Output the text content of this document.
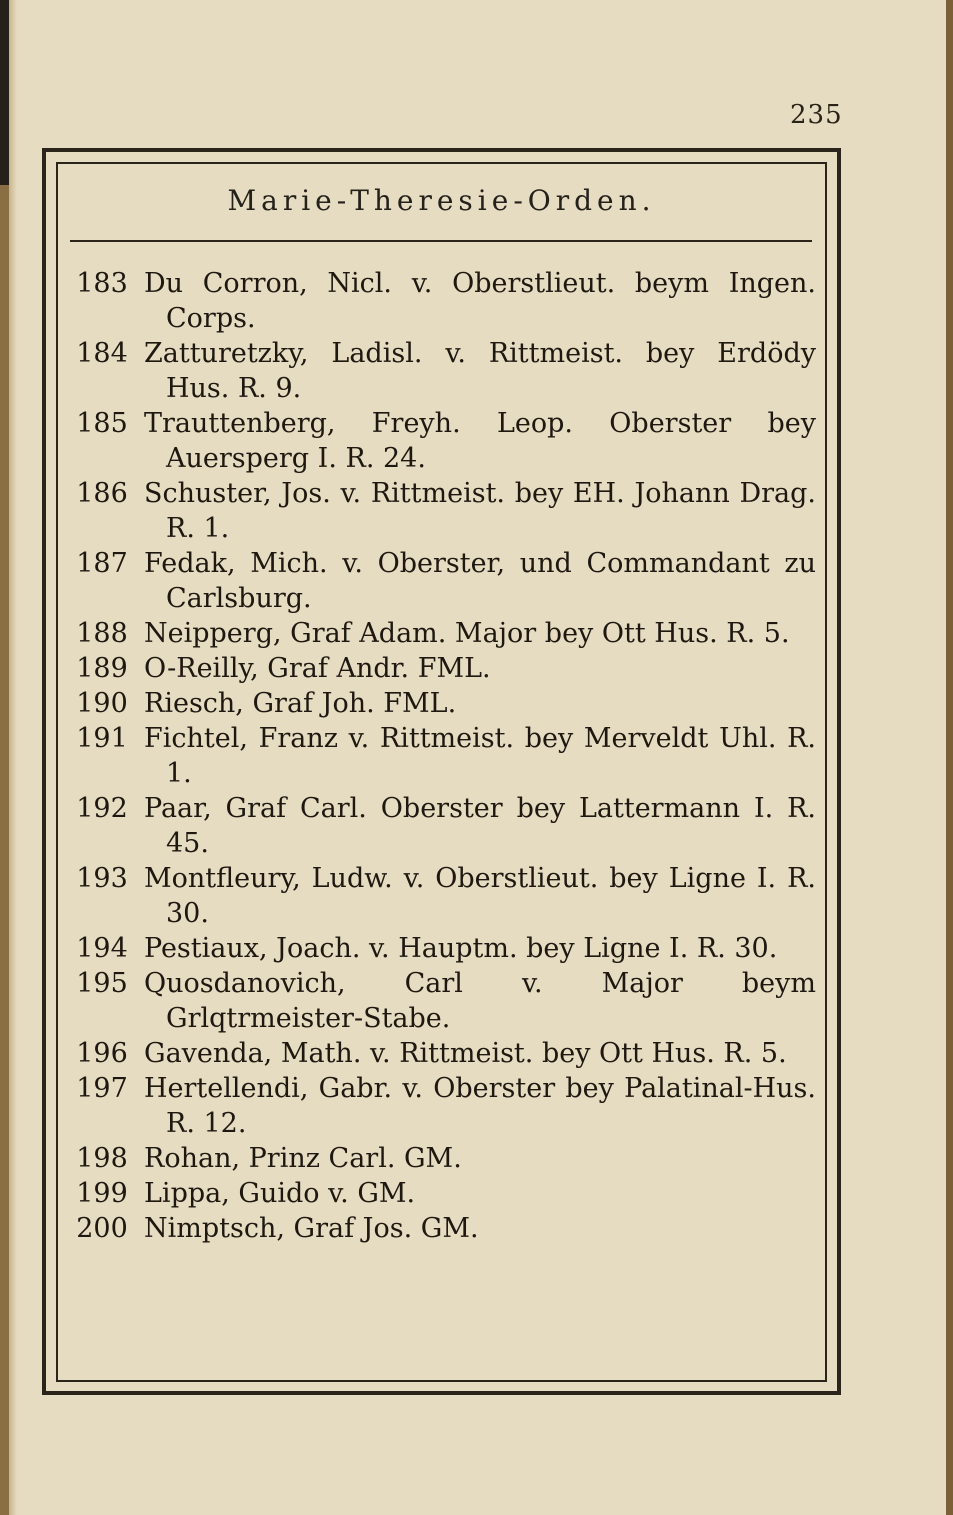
235
Marie-Theresie-Orden.
183 Du Corron, Nicl. v. Oberstlieut. beym Ingen. Corps.
184 Zatturetzky, Ladisl. v. Rittmeist. bey Erdödy Hus. R. 9.
185 Trauttenberg, Freyh. Leop. Oberster bey Auersperg I. R. 24.
186 Schuster, Jos. v. Rittmeist. bey EH. Johann Drag. R. 1.
187 Fedak, Mich. v. Oberster, und Commandant zu Carlsburg.
188 Neipperg, Graf Adam. Major bey Ott Hus. R. 5.
189 O-Reilly, Graf Andr. FML.
190 Riesch, Graf Joh. FML.
191 Fichtel, Franz v. Rittmeist. bey Merveldt Uhl. R. 1.
192 Paar, Graf Carl. Oberster bey Lattermann I. R. 45.
193 Montfleury, Ludw. v. Oberstlieut. bey Ligne I. R. 30.
194 Pestiaux, Joach. v. Hauptm. bey Ligne I. R. 30.
195 Quosdanovich, Carl v. Major beym Grlqtrmeister-Stabe.
196 Gavenda, Math. v. Rittmeist. bey Ott Hus. R. 5.
197 Hertellendi, Gabr. v. Oberster bey Palatinal-Hus. R. 12.
198 Rohan, Prinz Carl. GM.
199 Lippa, Guido v. GM.
200 Nimptsch, Graf Jos. GM.
